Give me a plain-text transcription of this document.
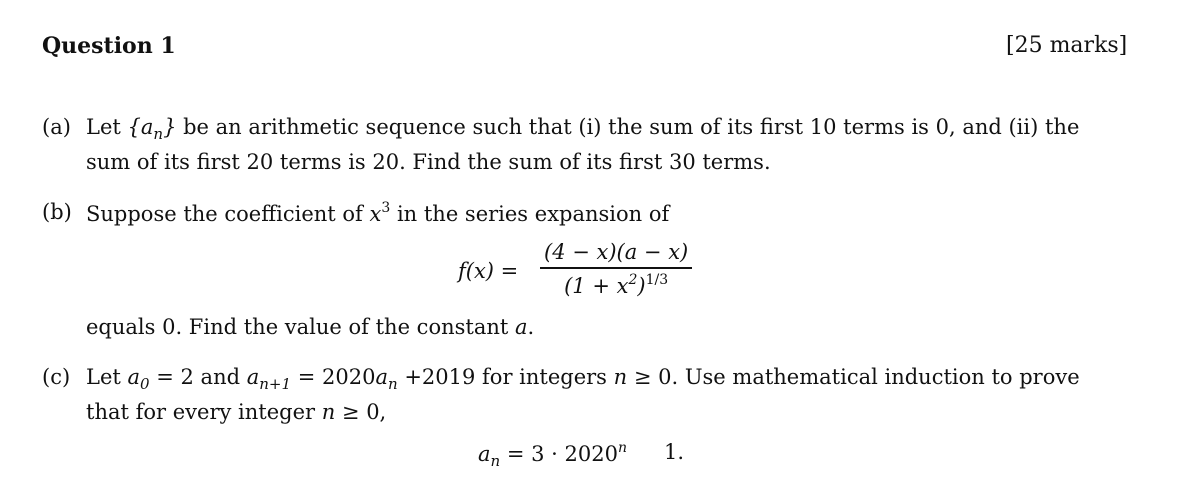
Question 1	[25 marks]
(a) Let $\{a_n\}$ be an arithmetic sequence such that (i) the sum of its first 10 terms is 0, and (ii) the
sum of its first 20 terms is 20. Find the sum of its first 30 terms.
(b) Suppose the coefficient of $x^3$ in the series expansion of
f(x) =
(4 − x)(a − x)
$(1 + x^2)^{1/3}$
equals 0. Find the value of the constant a.
(c) Let $a_0 = 2$ and $a_{n+1} = 2020a_n +2019$ for integers n ≥ 0. Use mathematical induction to prove
that for every integer n ≥ 0,
$a_n = 3 \cdot 2020^n$ 1.
